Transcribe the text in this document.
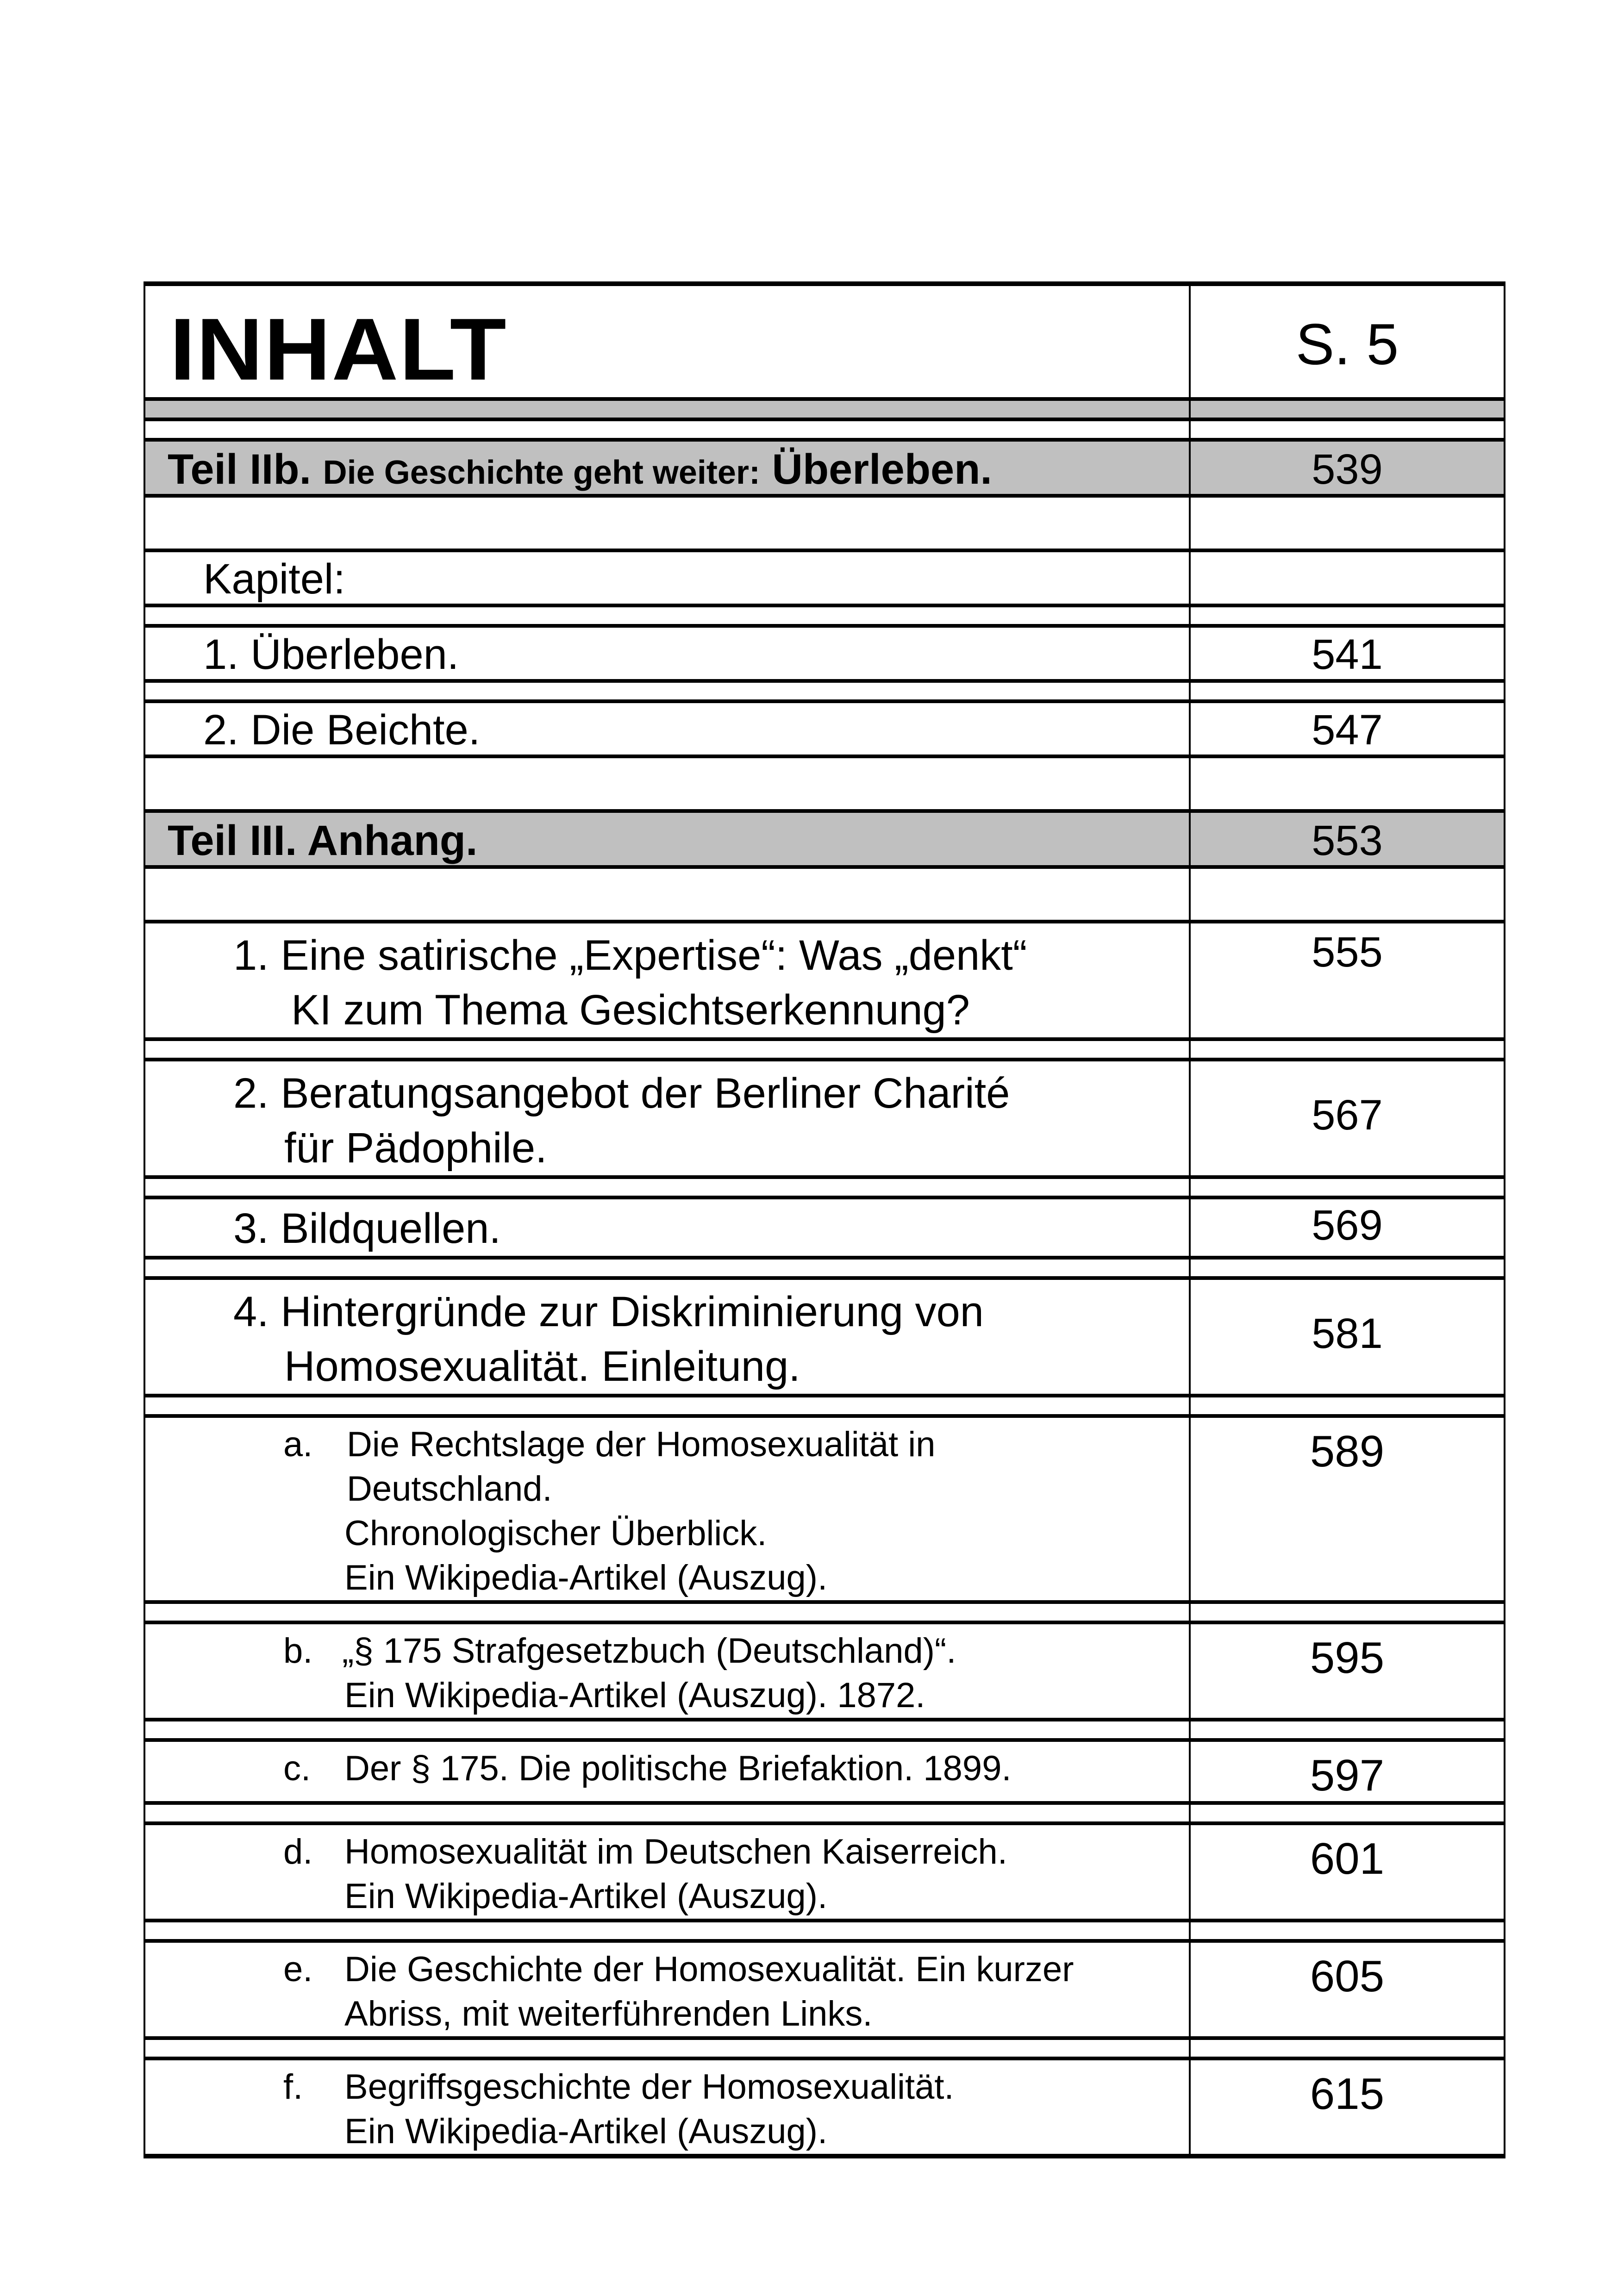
INHALT	S. 5

Teil IIb. Die Geschichte geht weiter: Überleben.	539

Kapitel:	

1. Überleben.	541

2. Die Beichte.	547

Teil III. Anhang.	553

1. Eine satirische „Expertise“: Was „denkt“
KI zum Thema Gesichtserkennung?	555

2. Beratungsangebot der Berliner Charité
für Pädophile.	567

3. Bildquellen.	569

4. Hintergründe zur Diskriminierung von
Homosexualität. Einleitung.	581

a. Die Rechtslage der Homosexualität in
Deutschland.
Chronologischer Überblick.
Ein Wikipedia-Artikel (Auszug).	589

b. „§ 175 Strafgesetzbuch (Deutschland)“.
Ein Wikipedia-Artikel (Auszug). 1872.	595

c. Der § 175. Die politische Briefaktion. 1899.	597

d. Homosexualität im Deutschen Kaiserreich.
Ein Wikipedia-Artikel (Auszug).	601

e. Die Geschichte der Homosexualität. Ein kurzer
Abriss, mit weiterführenden Links.	605

f. Begriffsgeschichte der Homosexualität.
Ein Wikipedia-Artikel (Auszug).	615
